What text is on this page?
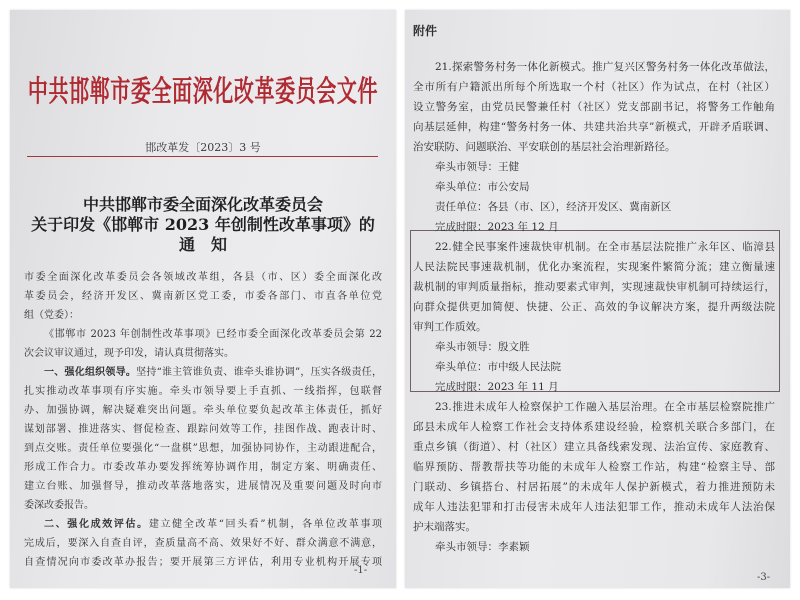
中共邯郸市委全面深化改革委员会文件
邯改革发〔2023〕3 号
中共邯郸市委全面深化改革委员会
关于印发《邯郸市 2023 年创制性改革事项》的
通　知
市委全面深化改革委员会各领域改革组，各县（市、区）委全面深化改
革委员会，经济开发区、冀南新区党工委，市委各部门、市直各单位党
组（党委）：
《邯郸市 2023 年创制性改革事项》已经市委全面深化改革委员会第 22
次会议审议通过，现予印发，请认真贯彻落实。
一、强化组织领导。坚持“谁主管谁负责、谁牵头谁协调”，压实各级责任，
扎实推动改革事项有序实施。牵头市领导要上手直抓、一线指挥，包联督
办、加强协调，解决疑难突出问题。牵头单位要负起改革主体责任，抓好
谋划部署、推进落实、督促检查、跟踪问效等工作，挂图作战、跑表计时、
到点交账。责任单位要强化“一盘棋”思想，加强协同协作，主动跟进配合，
形成工作合力。市委改革办要发挥统筹协调作用，制定方案、明确责任、
建立台账、加强督导，推动改革落地落实，进展情况及重要问题及时向市
委深改委报告。
二、强化成效评估。建立健全改革“回头看”机制，各单位改革事项
完成后，要深入自查自评，查质量高不高、效果好不好、群众满意不满意，
自查情况向市委改革办报告；要开展第三方评估，利用专业机构开展专项
-1-
附件
21.探索警务村务一体化新模式。推广复兴区警务村务一体化改革做法，
全市所有户籍派出所每个所选取一个村（社区）作为试点，在村（社区）
设立警务室，由党员民警兼任村（社区）党支部副书记，将警务工作触角
向基层延伸，构建“警务村务一体、共建共治共享”新模式，开辟矛盾联调、
治安联防、问题联治、平安联创的基层社会治理新路径。
牵头市领导：王健
牵头单位：市公安局
责任单位：各县（市、区），经济开发区、冀南新区
完成时限：2023 年 12 月
22.健全民事案件速裁快审机制。在全市基层法院推广永年区、临漳县
人民法院民事速裁机制，优化办案流程，实现案件繁简分流；建立衡量速
裁机制的审判质量指标，推动要素式审判，实现速裁快审机制可持续运行，
向群众提供更加简便、快捷、公正、高效的争议解决方案，提升两级法院
审判工作质效。
牵头市领导：殷文胜
牵头单位：市中级人民法院
完成时限：2023 年 11 月
23.推进未成年人检察保护工作融入基层治理。在全市基层检察院推广
邱县未成年人检察工作社会支持体系建设经验，检察机关联合多部门，在
重点乡镇（街道）、村（社区）建立具备线索发现、法治宣传、家庭教育、
临界预防、帮教帮扶等功能的未成年人检察工作站，构建“检察主导、部
门联动、乡镇搭台、村居拓展”的未成年人保护新模式，着力推进预防未
成年人违法犯罪和打击侵害未成年人违法犯罪工作，推动未成年人法治保
护末端落实。
牵头市领导：李素颖
-3-
